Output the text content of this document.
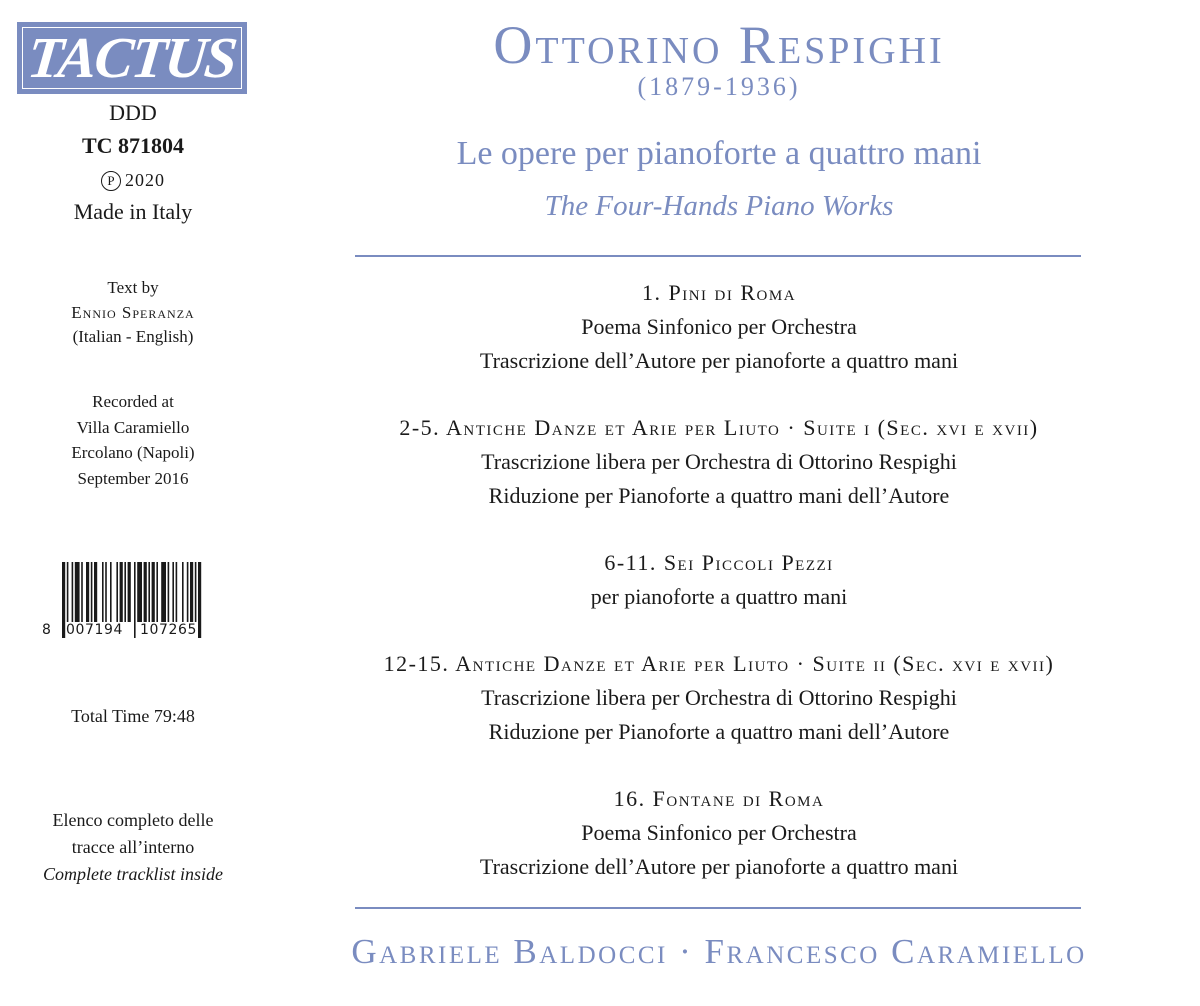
TACTUS
DDD
TC 871804
P 2020
Made in Italy
Text by
Ennio Speranza
(Italian - English)
Recorded at
Villa Caramiello
Ercolano (Napoli)
September 2016
8 007194 107265
Total Time 79:48
Elenco completo delle
tracce all’interno
Complete tracklist inside
Ottorino Respighi
(1879-1936)
Le opere per pianoforte a quattro mani
The Four-Hands Piano Works
1. Pini di Roma
Poema Sinfonico per Orchestra
Trascrizione dell’Autore per pianoforte a quattro mani
2-5. Antiche Danze et Arie per Liuto · Suite i (Sec. xvi e xvii)
Trascrizione libera per Orchestra di Ottorino Respighi
Riduzione per Pianoforte a quattro mani dell’Autore
6-11. Sei Piccoli Pezzi
per pianoforte a quattro mani
12-15. Antiche Danze et Arie per Liuto · Suite ii (Sec. xvi e xvii)
Trascrizione libera per Orchestra di Ottorino Respighi
Riduzione per Pianoforte a quattro mani dell’Autore
16. Fontane di Roma
Poema Sinfonico per Orchestra
Trascrizione dell’Autore per pianoforte a quattro mani
Gabriele Baldocci · Francesco Caramiello
